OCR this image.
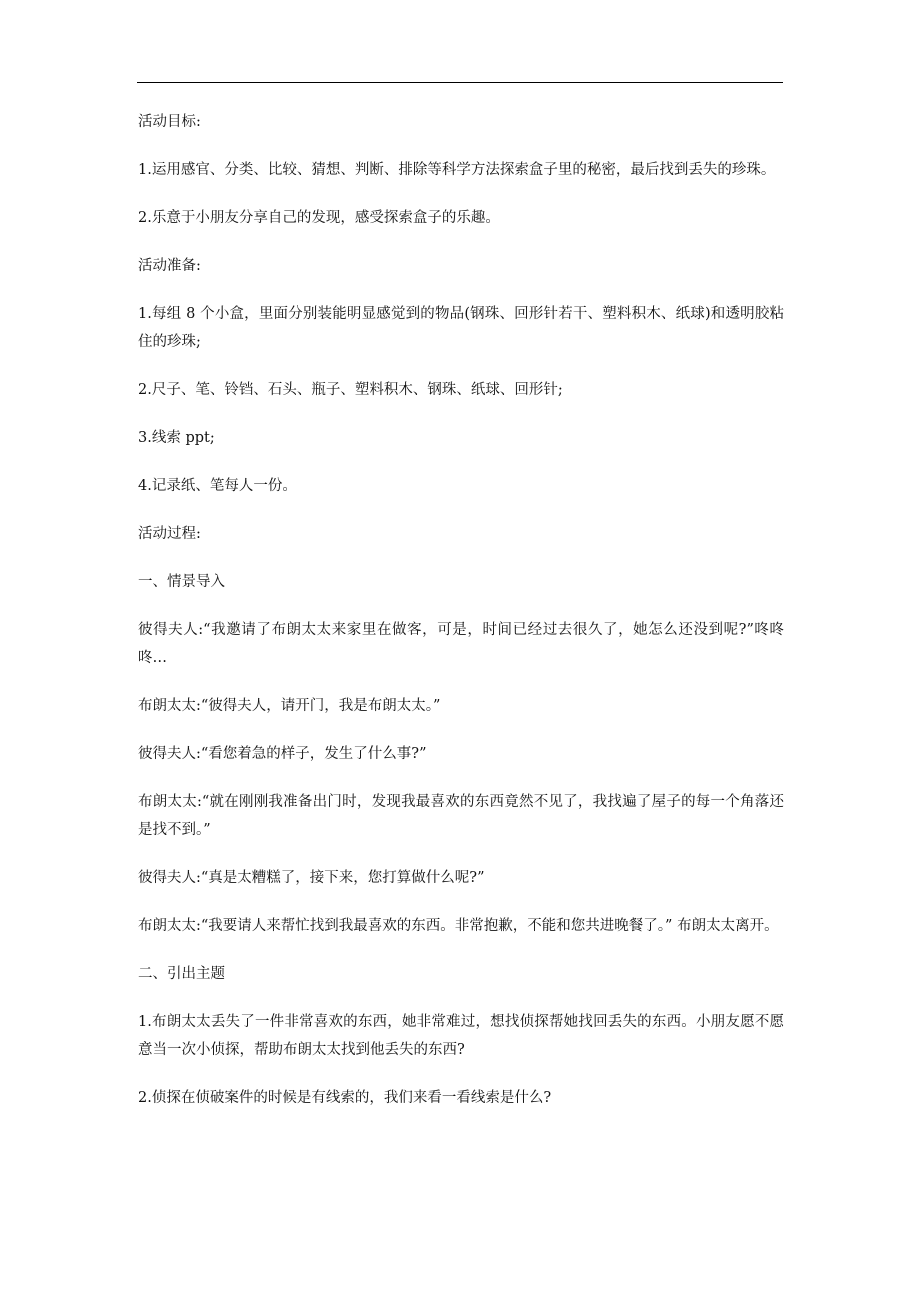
活动目标:

1.运用感官、分类、比较、猜想、判断、排除等科学方法探索盒子里的秘密，最后找到丢失的珍珠。

2.乐意于小朋友分享自己的发现，感受探索盒子的乐趣。

活动准备:

1.每组 8 个小盒，里面分别装能明显感觉到的物品(钢珠、回形针若干、塑料积木、纸球)和透明胶粘住的珍珠;

2.尺子、笔、铃铛、石头、瓶子、塑料积木、钢珠、纸球、回形针;

3.线索 ppt;

4.记录纸、笔每人一份。

活动过程:

一、情景导入

彼得夫人:“我邀请了布朗太太来家里在做客，可是，时间已经过去很久了，她怎么还没到呢?”咚咚咚…

布朗太太:“彼得夫人，请开门，我是布朗太太。”

彼得夫人:“看您着急的样子，发生了什么事?”

布朗太太:“就在刚刚我准备出门时，发现我最喜欢的东西竟然不见了，我找遍了屋子的每一个角落还是找不到。”

彼得夫人:“真是太糟糕了，接下来，您打算做什么呢?”

布朗太太:“我要请人来帮忙找到我最喜欢的东西。非常抱歉，不能和您共进晚餐了。” 布朗太太离开。

二、引出主题

1.布朗太太丢失了一件非常喜欢的东西，她非常难过，想找侦探帮她找回丢失的东西。小朋友愿不愿意当一次小侦探，帮助布朗太太找到他丢失的东西?

2.侦探在侦破案件的时候是有线索的，我们来看一看线索是什么?
